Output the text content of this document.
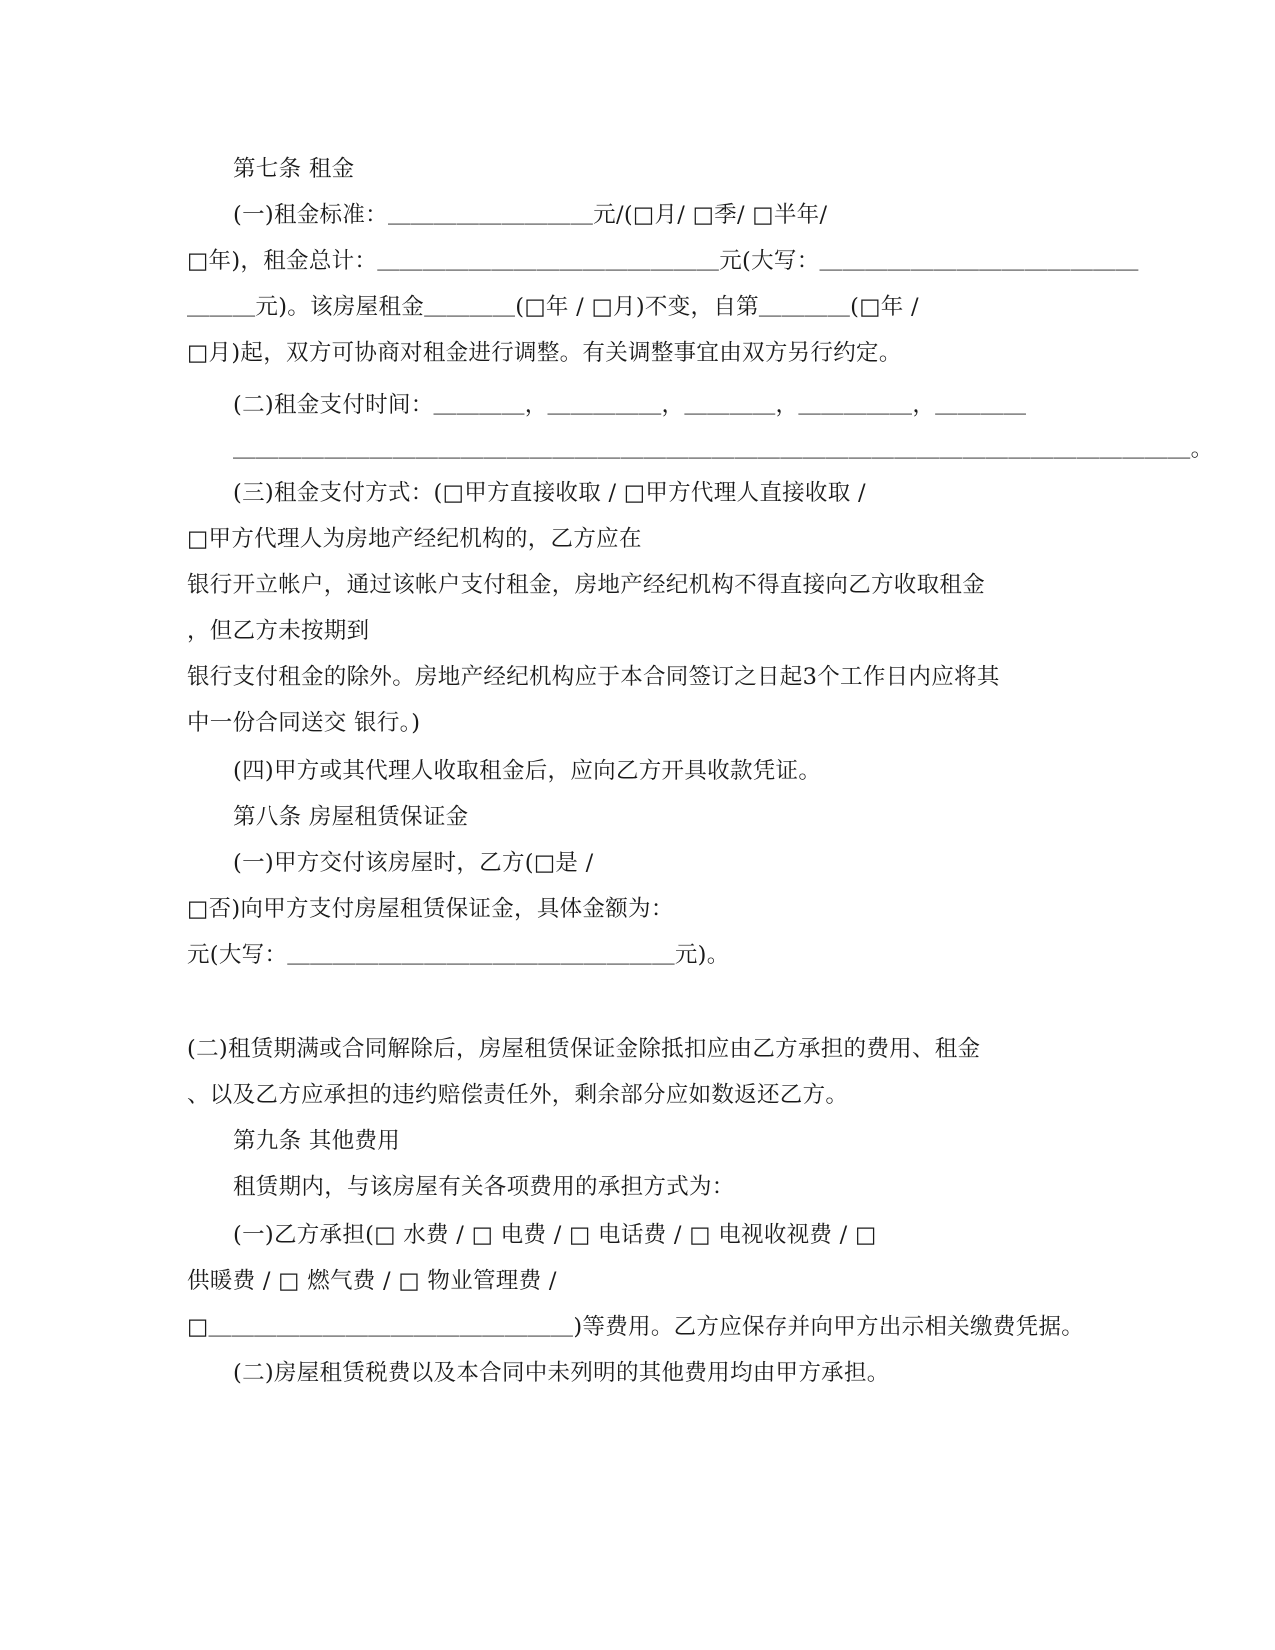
第七条 租金
(一)租金标准：＿＿＿＿＿＿＿＿＿元/(□月/ □季/ □半年/
□年)，租金总计：＿＿＿＿＿＿＿＿＿＿＿＿＿＿＿元(大写：＿＿＿＿＿＿＿＿＿＿＿＿＿＿
＿＿＿元)。该房屋租金＿＿＿＿(□年 / □月)不变，自第＿＿＿＿(□年 /
□月)起，双方可协商对租金进行调整。有关调整事宜由双方另行约定。
(二)租金支付时间：＿＿＿＿，＿＿＿＿＿，＿＿＿＿，＿＿＿＿＿，＿＿＿＿
＿＿＿＿＿＿＿＿＿＿＿＿＿＿＿＿＿＿＿＿＿＿＿＿＿＿＿＿＿＿＿＿＿＿＿＿＿＿＿＿＿＿。
(三)租金支付方式：(□甲方直接收取 / □甲方代理人直接收取 /
□甲方代理人为房地产经纪机构的，乙方应在
银行开立帐户，通过该帐户支付租金，房地产经纪机构不得直接向乙方收取租金
，但乙方未按期到
银行支付租金的除外。房地产经纪机构应于本合同签订之日起3个工作日内应将其
中一份合同送交 银行。)
(四)甲方或其代理人收取租金后，应向乙方开具收款凭证。
第八条 房屋租赁保证金
(一)甲方交付该房屋时，乙方(□是 /
□否)向甲方支付房屋租赁保证金，具体金额为：
元(大写：＿＿＿＿＿＿＿＿＿＿＿＿＿＿＿＿＿元)。
(二)租赁期满或合同解除后，房屋租赁保证金除抵扣应由乙方承担的费用、租金
、以及乙方应承担的违约赔偿责任外，剩余部分应如数返还乙方。
第九条 其他费用
租赁期内，与该房屋有关各项费用的承担方式为：
(一)乙方承担(□ 水费 / □ 电费 / □ 电话费 / □ 电视收视费 / □
供暖费 / □ 燃气费 / □ 物业管理费 /
□＿＿＿＿＿＿＿＿＿＿＿＿＿＿＿＿)等费用。乙方应保存并向甲方出示相关缴费凭据。
(二)房屋租赁税费以及本合同中未列明的其他费用均由甲方承担。
